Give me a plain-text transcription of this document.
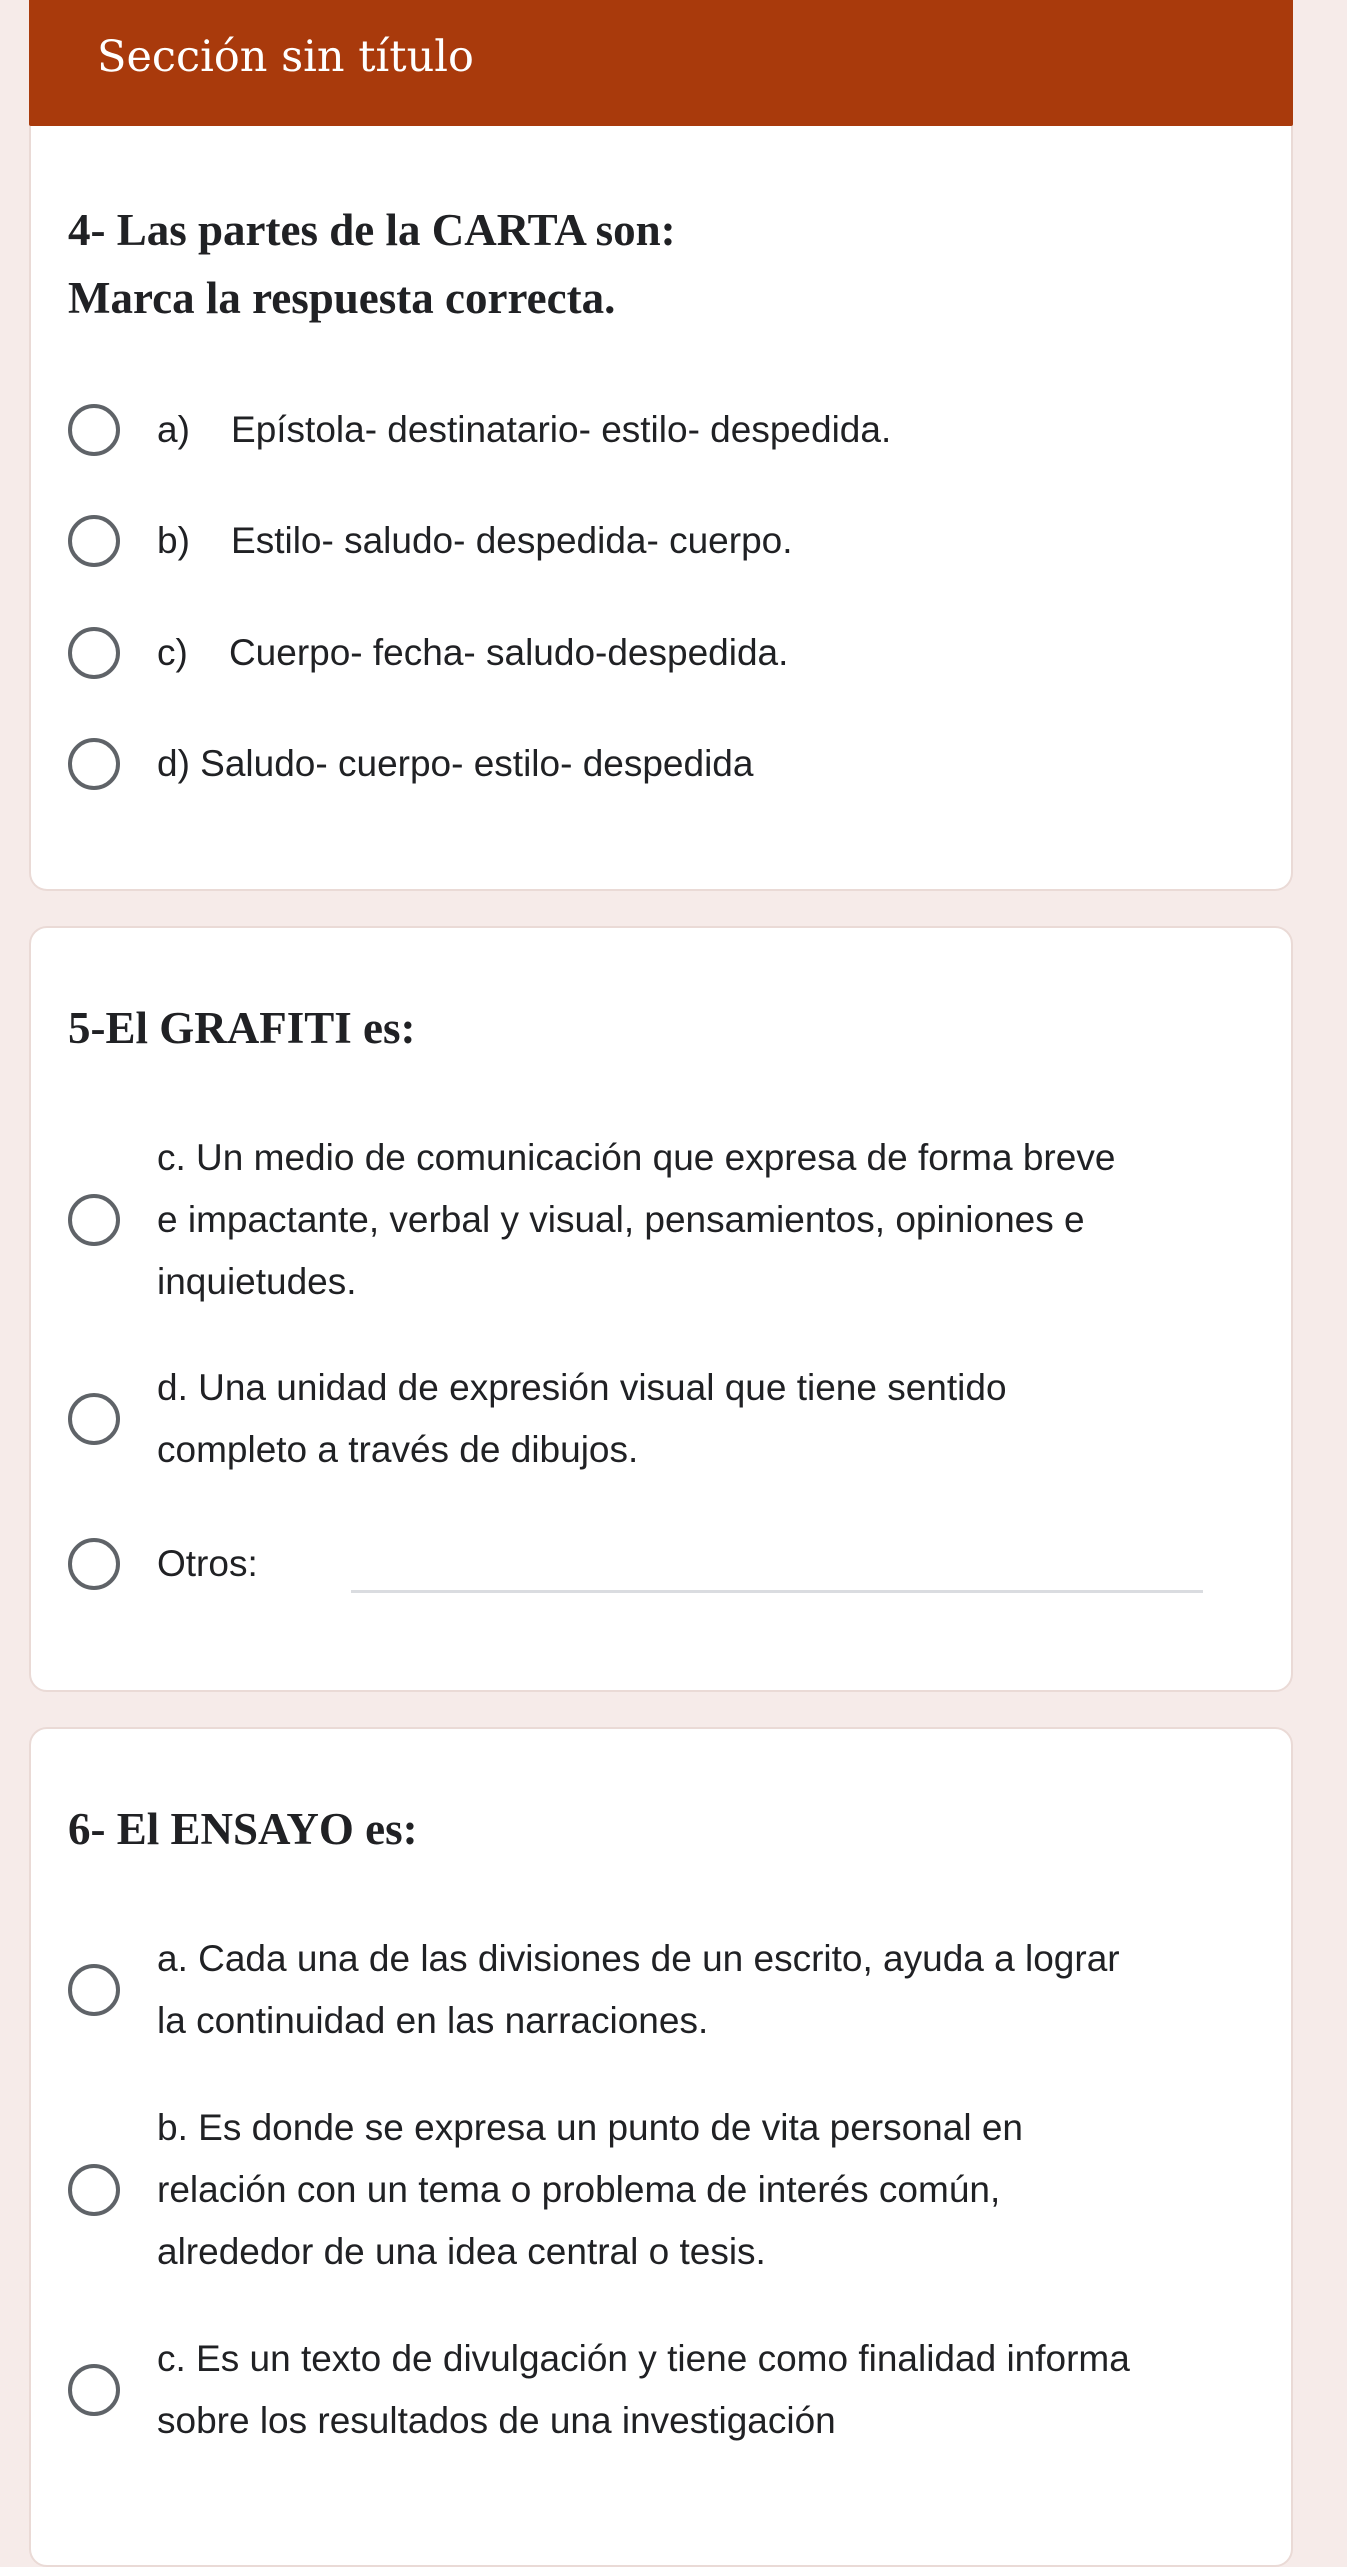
Sección sin título
4- Las partes de la CARTA son:
Marca la respuesta correcta.
a)    Epístola- destinatario- estilo- despedida.
b)    Estilo- saludo- despedida- cuerpo.
c)    Cuerpo- fecha- saludo-despedida.
d) Saludo- cuerpo- estilo- despedida
5-El GRAFITI es:
c. Un medio de comunicación que expresa de forma breve e impactante, verbal y visual, pensamientos, opiniones e inquietudes.
d. Una unidad de expresión visual que tiene sentido completo a través de dibujos.
Otros:
6- El ENSAYO es:
a. Cada una de las divisiones de un escrito, ayuda a lograr la continuidad en las narraciones.
b. Es donde se expresa un punto de vita personal en relación con un tema o problema de interés común, alrededor de una idea central o tesis.
c. Es un texto de divulgación y tiene como finalidad informa sobre los resultados de una investigación
